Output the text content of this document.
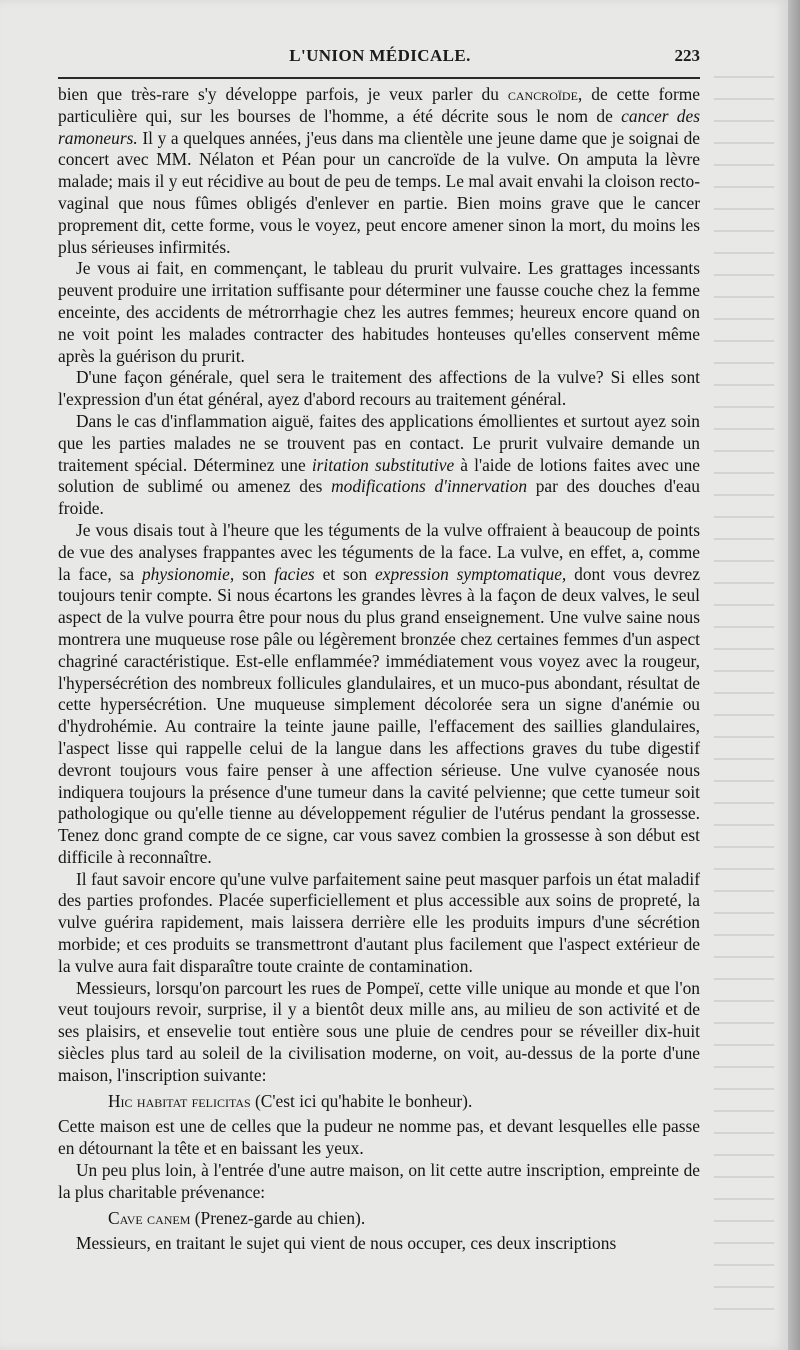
L'UNION MÉDICALE.	223

bien que très-rare s'y développe parfois, je veux parler du cancroïde, de cette forme particulière qui, sur les bourses de l'homme, a été décrite sous le nom de cancer des ramoneurs. Il y a quelques années, j'eus dans ma clientèle une jeune dame que je soignai de concert avec MM. Nélaton et Péan pour un cancroïde de la vulve. On amputa la lèvre malade; mais il y eut récidive au bout de peu de temps. Le mal avait envahi la cloison recto-vaginal que nous fûmes obligés d'enlever en partie. Bien moins grave que le cancer proprement dit, cette forme, vous le voyez, peut encore amener sinon la mort, du moins les plus sérieuses infirmités.

Je vous ai fait, en commençant, le tableau du prurit vulvaire. Les grattages incessants peuvent produire une irritation suffisante pour déterminer une fausse couche chez la femme enceinte, des accidents de métrorrhagie chez les autres femmes; heureux encore quand on ne voit point les malades contracter des habitudes honteuses qu'elles conservent même après la guérison du prurit.

D'une façon générale, quel sera le traitement des affections de la vulve? Si elles sont l'expression d'un état général, ayez d'abord recours au traitement général.

Dans le cas d'inflammation aiguë, faites des applications émollientes et surtout ayez soin que les parties malades ne se trouvent pas en contact. Le prurit vulvaire demande un traitement spécial. Déterminez une iritation substitutive à l'aide de lotions faites avec une solution de sublimé ou amenez des modifications d'innervation par des douches d'eau froide.

Je vous disais tout à l'heure que les téguments de la vulve offraient à beaucoup de points de vue des analyses frappantes avec les téguments de la face. La vulve, en effet, a, comme la face, sa physionomie, son facies et son expression symptomatique, dont vous devrez toujours tenir compte. Si nous écartons les grandes lèvres à la façon de deux valves, le seul aspect de la vulve pourra être pour nous du plus grand enseignement. Une vulve saine nous montrera une muqueuse rose pâle ou légèrement bronzée chez certaines femmes d'un aspect chagriné caractéristique. Est-elle enflammée? immédiatement vous voyez avec la rougeur, l'hypersécrétion des nombreux follicules glandulaires, et un muco-pus abondant, résultat de cette hypersécrétion. Une muqueuse simplement décolorée sera un signe d'anémie ou d'hydrohémie. Au contraire la teinte jaune paille, l'effacement des saillies glandulaires, l'aspect lisse qui rappelle celui de la langue dans les affections graves du tube digestif devront toujours vous faire penser à une affection sérieuse. Une vulve cyanosée nous indiquera toujours la présence d'une tumeur dans la cavité pelvienne; que cette tumeur soit pathologique ou qu'elle tienne au développement régulier de l'utérus pendant la grossesse. Tenez donc grand compte de ce signe, car vous savez combien la grossesse à son début est difficile à reconnaître.

Il faut savoir encore qu'une vulve parfaitement saine peut masquer parfois un état maladif des parties profondes. Placée superficiellement et plus accessible aux soins de propreté, la vulve guérira rapidement, mais laissera derrière elle les produits impurs d'une sécrétion morbide; et ces produits se transmettront d'autant plus facilement que l'aspect extérieur de la vulve aura fait disparaître toute crainte de contamination.

Messieurs, lorsqu'on parcourt les rues de Pompeï, cette ville unique au monde et que l'on veut toujours revoir, surprise, il y a bientôt deux mille ans, au milieu de son activité et de ses plaisirs, et ensevelie tout entière sous une pluie de cendres pour se réveiller dix-huit siècles plus tard au soleil de la civilisation moderne, on voit, au-dessus de la porte d'une maison, l'inscription suivante:

Hic habitat felicitas (C'est ici qu'habite le bonheur).

Cette maison est une de celles que la pudeur ne nomme pas, et devant lesquelles elle passe en détournant la tête et en baissant les yeux.

Un peu plus loin, à l'entrée d'une autre maison, on lit cette autre inscription, empreinte de la plus charitable prévenance:

Cave canem (Prenez-garde au chien).

Messieurs, en traitant le sujet qui vient de nous occuper, ces deux inscriptions
